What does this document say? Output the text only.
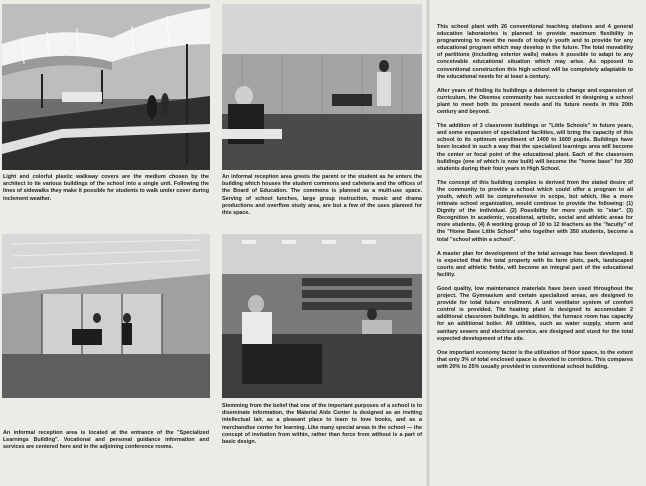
Light and colorful plastic walkway covers are the medium chosen by the architect to tie various buildings of the school into a single unit. Following the lines of sidewalks they make it possible for students to walk under cover during inclement weather.

An informal reception area greets the parent or the student as he enters the building which houses the student commons and cafeteria and the offices of the Board of Education. The commons is planned as a multi-use space. Serving of school lunches, large group instruction, music and drama productions and overflow study area, are but a few of the uses planned for this space.

An informal reception area is located at the entrance of the "Specialized Learnings Building". Vocational and personal guidance information and services are centered here and in the adjoining conference rooms.

Stemming from the belief that one of the important purposes of a school is to diseminate information, the Material Aids Center is designed as an inviting intellectual lair, as a pleasant place to learn to love books, and as a merchandise center for learning. Like many special areas in the school — the concept of invitation from within, rather than force from without is a part of basic design.

This school plant with 26 conventional teaching stations and 4 general education laboratories is planned to provide maximum flexibility in programming to meet the needs of today's youth and to provide for any educational program which may develop in the future. The total movability of partitions (including exterior walls) makes it possible to adapt to any conceivable educational situation which may arise. As opposed to conventional construction this high school will be completely adaptable to the educational needs for at least a century.

After years of finding its buildings a deterrent to change and expansion of curriculum, the Okemos community has succeeded in designing a school plant to meet both its present needs and its future needs in this 20th century and beyond.

The addition of 3 classroom buildings or "Little Schools" in future years, and some expansion of specialized facilities, will bring the capacity of this school to its optimum enrollment of 1400 to 1600 pupils. Buildings have been located in such a way that the specialized learnings area will become the center or focal point of the educational plant. Each of the classroom buildings (one of which is now built) will become the "home base" for 350 students during their four years in High School.

The concept of this building complex is derived from the stated desire of the community to provide a school which could offer a program to all youth, which will be comprehensive in scope, but which, like a more intimate school organization, would continue to provide the following: (1) Dignity of the individual. (2) Possibility for more youth to "star". (3) Recognition in academic, vocational, artistic, social and athletic areas for more students. (4) A working group of 10 to 12 teachers as the "faculty" of the "Home Base Little School" who together with 350 students, become a total "school within a school".

A master plan for development of the total acreage has been developed. It is expected that the total property with its farm plots, park, landscaped courts and athletic fields, will become an integral part of the educational facility.

Good quality, low maintenance materials have been used throughout the project. The Gymnasium and certain specialized areas, are designed to provide for total future enrollment. A unit ventilator system of comfort control is provided. The heating plant is designed to accomodate 2 additional classroom buildings. In addition, the furnace room has capacity for an additional boiler. All utilities, such as water supply, storm and sanitary sewers and electrical service, are designed and sized for the total expected development of the site.

One important economy factor is the utilization of floor space, to the extent that only 3% of total enclosed space is devoted to corridors. This compares with 20% to 25% usually provided in conventional school building.
